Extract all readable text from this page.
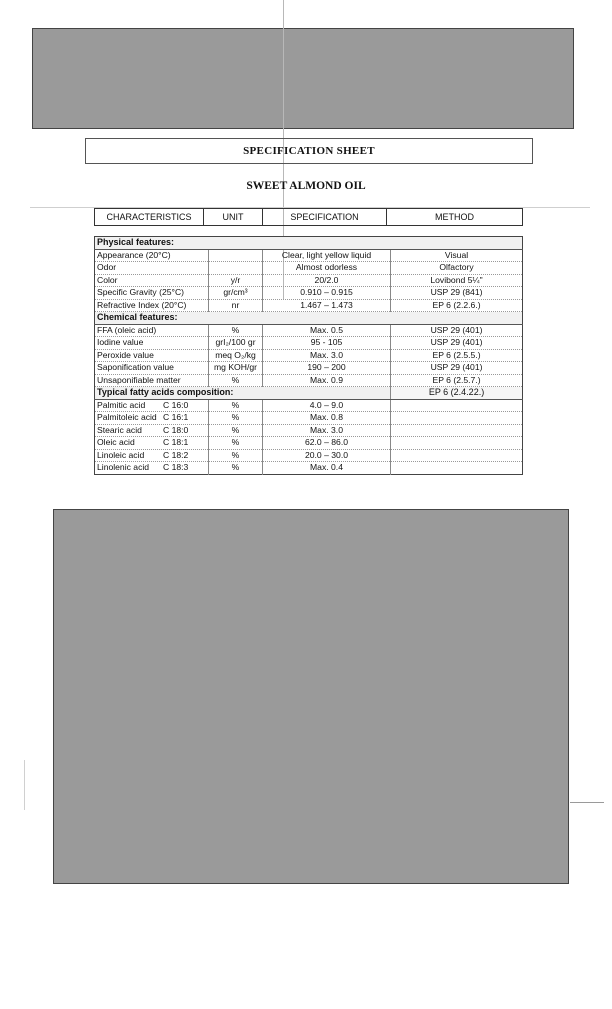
SPECIFICATION SHEET
SWEET ALMOND OIL
CHARACTERISTICS	UNIT	SPECIFICATION	METHOD
Physical features:			
Appearance (20°C)		Clear, light yellow liquid	Visual
Odor		Almost odorless	Olfactory
Color	y/r	20/2.0	Lovibond 5¼"
Specific Gravity (25°C)	gr/cm³	0.910 – 0.915	USP 29 (841)
Refractive Index (20°C)	nr	1.467 – 1.473	EP 6 (2.2.6.)
Chemical features:			
FFA (oleic acid)	%	Max. 0.5	USP 29 (401)
Iodine value	grI₂/100 gr	95 - 105	USP 29 (401)
Peroxide value	meq O₂/kg	Max. 3.0	EP 6 (2.5.5.)
Saponification value	mg KOH/gr	190 – 200	USP 29 (401)
Unsaponifiable matter	%	Max. 0.9	EP 6 (2.5.7.)
Typical fatty acids composition:			EP 6 (2.4.22.)
Palmitic acid C 16:0	%	4.0 – 9.0	
Palmitoleic acid C 16:1	%	Max. 0.8	
Stearic acid C 18:0	%	Max. 3.0	
Oleic acid C 18:1	%	62.0 – 86.0	
Linoleic acid C 18:2	%	20.0 – 30.0	
Linolenic acid C 18:3	%	Max. 0.4	
